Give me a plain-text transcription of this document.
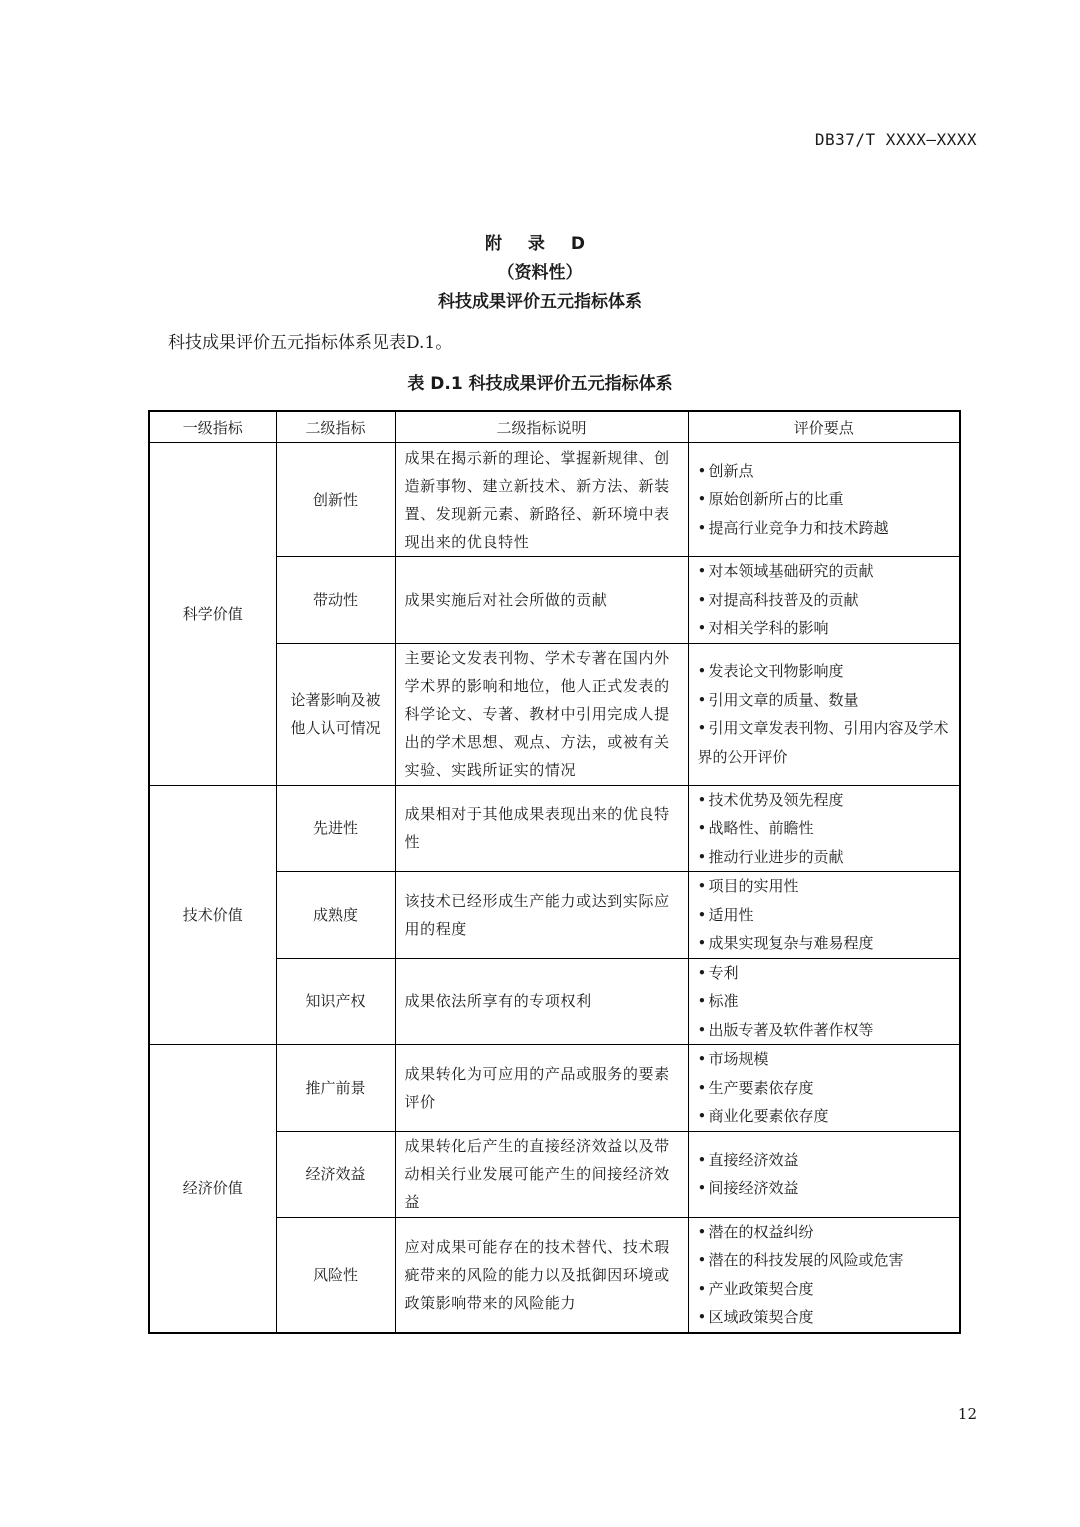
DB37/T XXXX—XXXX
附 录 D
（资料性）
科技成果评价五元指标体系
科技成果评价五元指标体系见表D.1。
表 D.1 科技成果评价五元指标体系
一级指标	二级指标	二级指标说明	评价要点
科学价值	创新性	成果在揭示新的理论、掌握新规律、创造新事物、建立新技术、新方法、新装置、发现新元素、新路径、新环境中表现出来的优良特性	• 创新点
• 原始创新所占的比重
• 提高行业竞争力和技术跨越

	带动性	成果实施后对社会所做的贡献	• 对本领域基础研究的贡献
• 对提高科技普及的贡献
• 对相关学科的影响

	论著影响及被他人认可情况	主要论文发表刊物、学术专著在国内外学术界的影响和地位，他人正式发表的科学论文、专著、教材中引用完成人提出的学术思想、观点、方法，或被有关实验、实践所证实的情况	• 发表论文刊物影响度
• 引用文章的质量、数量
• 引用文章发表刊物、引用内容及学术界的公开评价

技术价值	先进性	成果相对于其他成果表现出来的优良特性	• 技术优势及领先程度
• 战略性、前瞻性
• 推动行业进步的贡献

	成熟度	该技术已经形成生产能力或达到实际应用的程度	• 项目的实用性
• 适用性
• 成果实现复杂与难易程度

	知识产权	成果依法所享有的专项权利	• 专利
• 标准
• 出版专著及软件著作权等

经济价值	推广前景	成果转化为可应用的产品或服务的要素评价	• 市场规模
• 生产要素依存度
• 商业化要素依存度

	经济效益	成果转化后产生的直接经济效益以及带动相关行业发展可能产生的间接经济效益	• 直接经济效益
• 间接经济效益

	风险性	应对成果可能存在的技术替代、技术瑕疵带来的风险的能力以及抵御因环境或政策影响带来的风险能力	• 潜在的权益纠纷
• 潜在的科技发展的风险或危害
• 产业政策契合度
• 区域政策契合度
12
